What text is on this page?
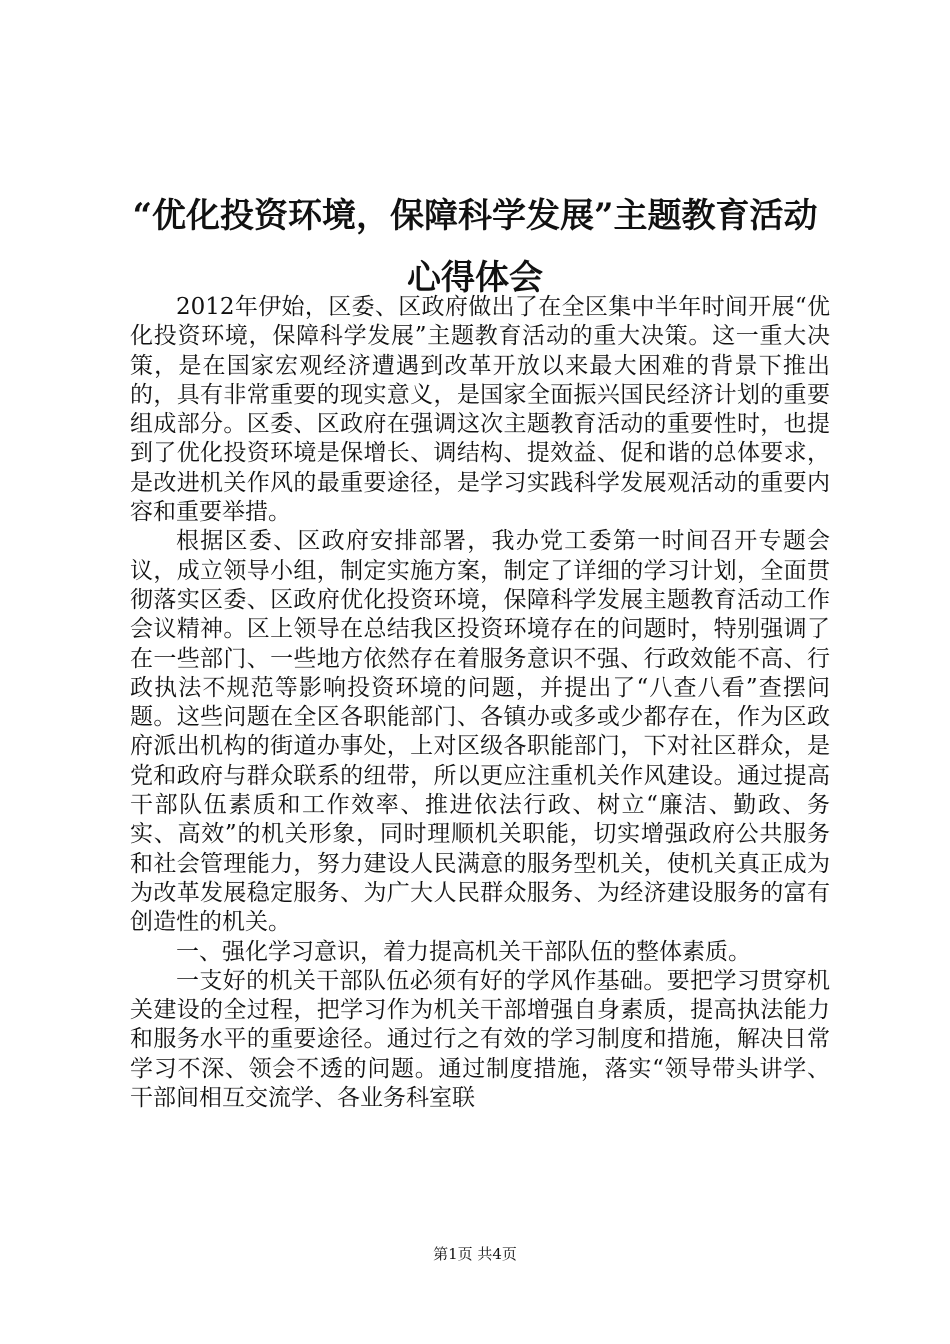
“优化投资环境，保障科学发展”主题教育活动心得体会

2012年伊始，区委、区政府做出了在全区集中半年时间开展“优化投资环境，保障科学发展”主题教育活动的重大决策。这一重大决策，是在国家宏观经济遭遇到改革开放以来最大困难的背景下推出的，具有非常重要的现实意义，是国家全面振兴国民经济计划的重要组成部分。区委、区政府在强调这次主题教育活动的重要性时，也提到了优化投资环境是保增长、调结构、提效益、促和谐的总体要求，是改进机关作风的最重要途径，是学习实践科学发展观活动的重要内容和重要举措。

根据区委、区政府安排部署，我办党工委第一时间召开专题会议，成立领导小组，制定实施方案，制定了详细的学习计划，全面贯彻落实区委、区政府优化投资环境，保障科学发展主题教育活动工作会议精神。区上领导在总结我区投资环境存在的问题时，特别强调了在一些部门、一些地方依然存在着服务意识不强、行政效能不高、行政执法不规范等影响投资环境的问题，并提出了“八查八看”查摆问题。这些问题在全区各职能部门、各镇办或多或少都存在，作为区政府派出机构的街道办事处，上对区级各职能部门，下对社区群众，是党和政府与群众联系的纽带，所以更应注重机关作风建设。通过提高干部队伍素质和工作效率、推进依法行政、树立“廉洁、勤政、务实、高效”的机关形象，同时理顺机关职能，切实增强政府公共服务和社会管理能力，努力建设人民满意的服务型机关，使机关真正成为为改革发展稳定服务、为广大人民群众服务、为经济建设服务的富有创造性的机关。

一、强化学习意识，着力提高机关干部队伍的整体素质。

一支好的机关干部队伍必须有好的学风作基础。要把学习贯穿机关建设的全过程，把学习作为机关干部增强自身素质，提高执法能力和服务水平的重要途径。通过行之有效的学习制度和措施，解决日常学习不深、领会不透的问题。通过制度措施，落实“领导带头讲学、干部间相互交流学、各业务科室联

第1页 共4页
